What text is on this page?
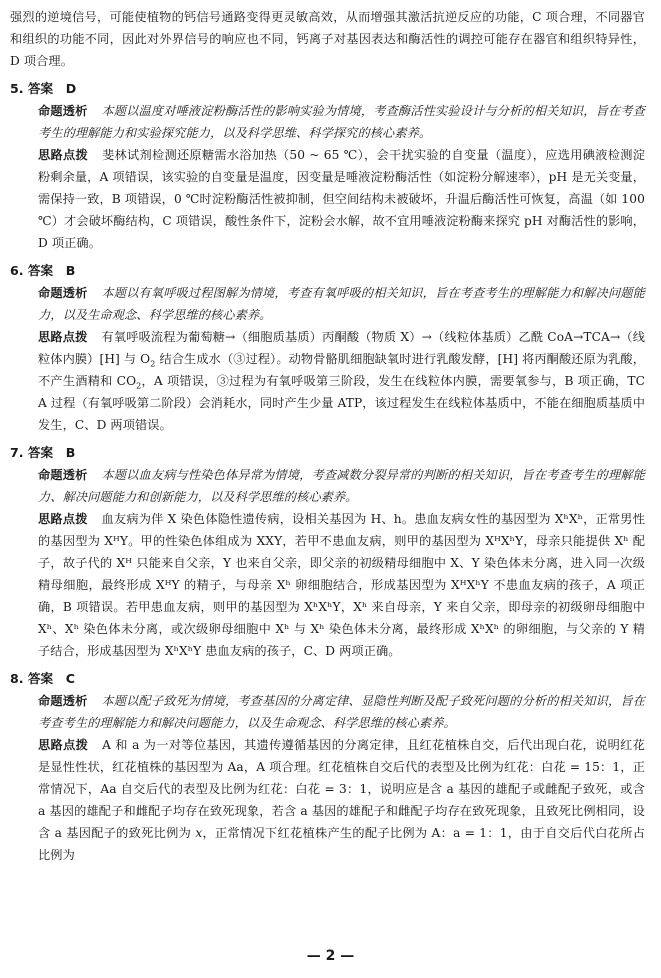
强烈的逆境信号，可能使植物的钙信号通路变得更灵敏高效，从而增强其激活抗逆反应的功能，C 项合理，不同器官和组织的功能不同，因此对外界信号的响应也不同，钙离子对基因表达和酶活性的调控可能存在器官和组织特异性，D 项合理。

5. 答案　D

命题透析 本题以温度对唾液淀粉酶活性的影响实验为情境，考查酶活性实验设计与分析的相关知识，旨在考查考生的理解能力和实验探究能力，以及科学思维、科学探究的核心素养。

思路点拨 斐林试剂检测还原糖需水浴加热（50 ~ 65 ℃），会干扰实验的自变量（温度），应选用碘液检测淀粉剩余量，A 项错误，该实验的自变量是温度，因变量是唾液淀粉酶活性（如淀粉分解速率），pH 是无关变量，需保持一致，B 项错误，0 ℃时淀粉酶活性被抑制，但空间结构未被破坏，升温后酶活性可恢复，高温（如 100 ℃）才会破坏酶结构，C 项错误，酸性条件下，淀粉会水解，故不宜用唾液淀粉酶来探究 pH 对酶活性的影响，D 项正确。

6. 答案　B

命题透析 本题以有氧呼吸过程图解为情境，考查有氧呼吸的相关知识，旨在考查考生的理解能力和解决问题能力，以及生命观念、科学思维的核心素养。

思路点拨 有氧呼吸流程为葡萄糖→（细胞质基质）丙酮酸（物质 X）→（线粒体基质）乙酰 CoA→TCA→（线粒体内膜）[H] 与 $O_2$ 结合生成水（③过程）。动物骨骼肌细胞缺氧时进行乳酸发酵，[H] 将丙酮酸还原为乳酸，不产生酒精和 $CO_2$，A 项错误，③过程为有氧呼吸第三阶段，发生在线粒体内膜，需要氧参与，B 项正确，TCA 过程（有氧呼吸第二阶段）会消耗水，同时产生少量 ATP，该过程发生在线粒体基质中，不能在细胞质基质中发生，C、D 两项错误。

7. 答案　B

命题透析 本题以血友病与性染色体异常为情境，考查减数分裂异常的判断的相关知识，旨在考查考生的理解能力、解决问题能力和创新能力，以及科学思维的核心素养。

思路点拨 血友病为伴 X 染色体隐性遗传病，设相关基因为 H、h。患血友病女性的基因型为 XʰXʰ，正常男性的基因型为 XᴴY。甲的性染色体组成为 XXY，若甲不患血友病，则甲的基因型为 XᴴXʰY，母亲只能提供 Xʰ 配子，故子代的 Xᴴ 只能来自父亲，Y 也来自父亲，即父亲的初级精母细胞中 X、Y 染色体未分离，进入同一次级精母细胞，最终形成 XᴴY 的精子，与母亲 Xʰ 卵细胞结合，形成基因型为 XᴴXʰY 不患血友病的孩子，A 项正确，B 项错误。若甲患血友病，则甲的基因型为 XʰXʰY，Xʰ 来自母亲，Y 来自父亲，即母亲的初级卵母细胞中 Xʰ、Xʰ 染色体未分离，或次级卵母细胞中 Xʰ 与 Xʰ 染色体未分离，最终形成 XʰXʰ 的卵细胞，与父亲的 Y 精子结合，形成基因型为 XʰXʰY 患血友病的孩子，C、D 两项正确。

8. 答案　C

命题透析 本题以配子致死为情境，考查基因的分离定律、显隐性判断及配子致死问题的分析的相关知识，旨在考查考生的理解能力和解决问题能力，以及生命观念、科学思维的核心素养。

思路点拨 A 和 a 为一对等位基因，其遗传遵循基因的分离定律，且红花植株自交，后代出现白花，说明红花是显性性状，红花植株的基因型为 Aa，A 项合理。红花植株自交后代的表型及比例为红花：白花 = 15：1，正常情况下，Aa 自交后代的表型及比例为红花：白花 = 3：1，说明应是含 a 基因的雄配子或雌配子致死，或含 a 基因的雄配子和雌配子均存在致死现象，若含 a 基因的雄配子和雌配子均存在致死现象，且致死比例相同，设含 a 基因配子的致死比例为 x，正常情况下红花植株产生的配子比例为 A：a = 1：1，由于自交后代白花所占比例为

— 2 —
